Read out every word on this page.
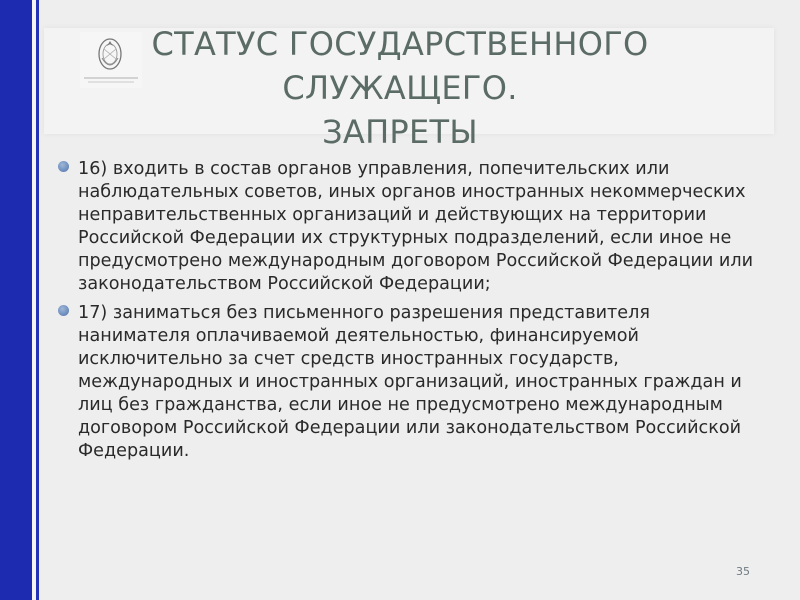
СТАТУС ГОСУДАРСТВЕННОГО
СЛУЖАЩЕГО.
ЗАПРЕТЫ
16) входить в состав органов управления, попечительских или наблюдательных советов, иных органов иностранных некоммерческих неправительственных организаций и действующих на территории Российской Федерации их структурных подразделений, если иное не предусмотрено международным договором Российской Федерации или законодательством Российской Федерации;
17) заниматься без письменного разрешения представителя нанимателя оплачиваемой деятельностью, финансируемой исключительно за счет средств иностранных государств, международных и иностранных организаций, иностранных граждан и лиц без гражданства, если иное не предусмотрено международным договором Российской Федерации или законодательством Российской Федерации.
35
